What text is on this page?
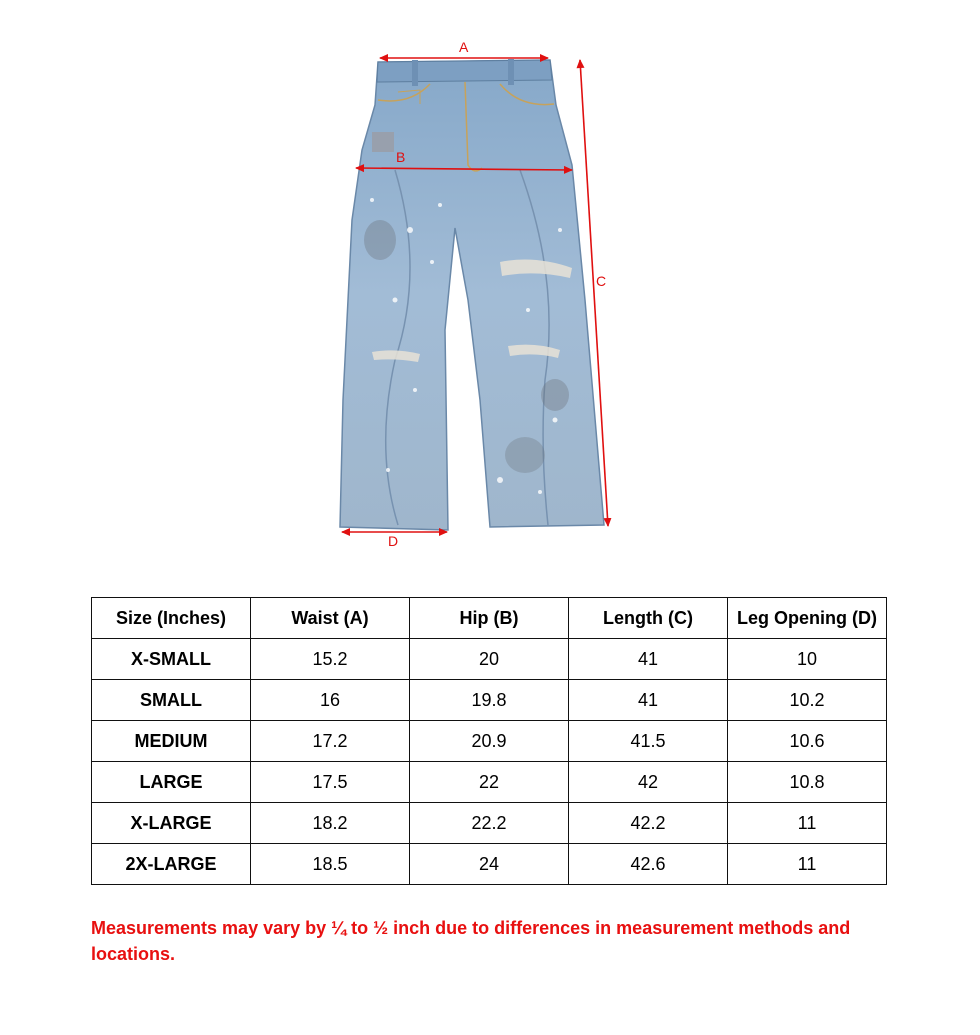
A
B
C
D
Size (Inches)	Waist (A)	Hip (B)	Length (C)	Leg Opening (D)
X-SMALL	15.2	20	41	10
SMALL	16	19.8	41	10.2
MEDIUM	17.2	20.9	41.5	10.6
LARGE	17.5	22	42	10.8
X-LARGE	18.2	22.2	42.2	11
2X-LARGE	18.5	24	42.6	11

Measurements may vary by ¼ to ½ inch due to differences in measurement methods and locations.
